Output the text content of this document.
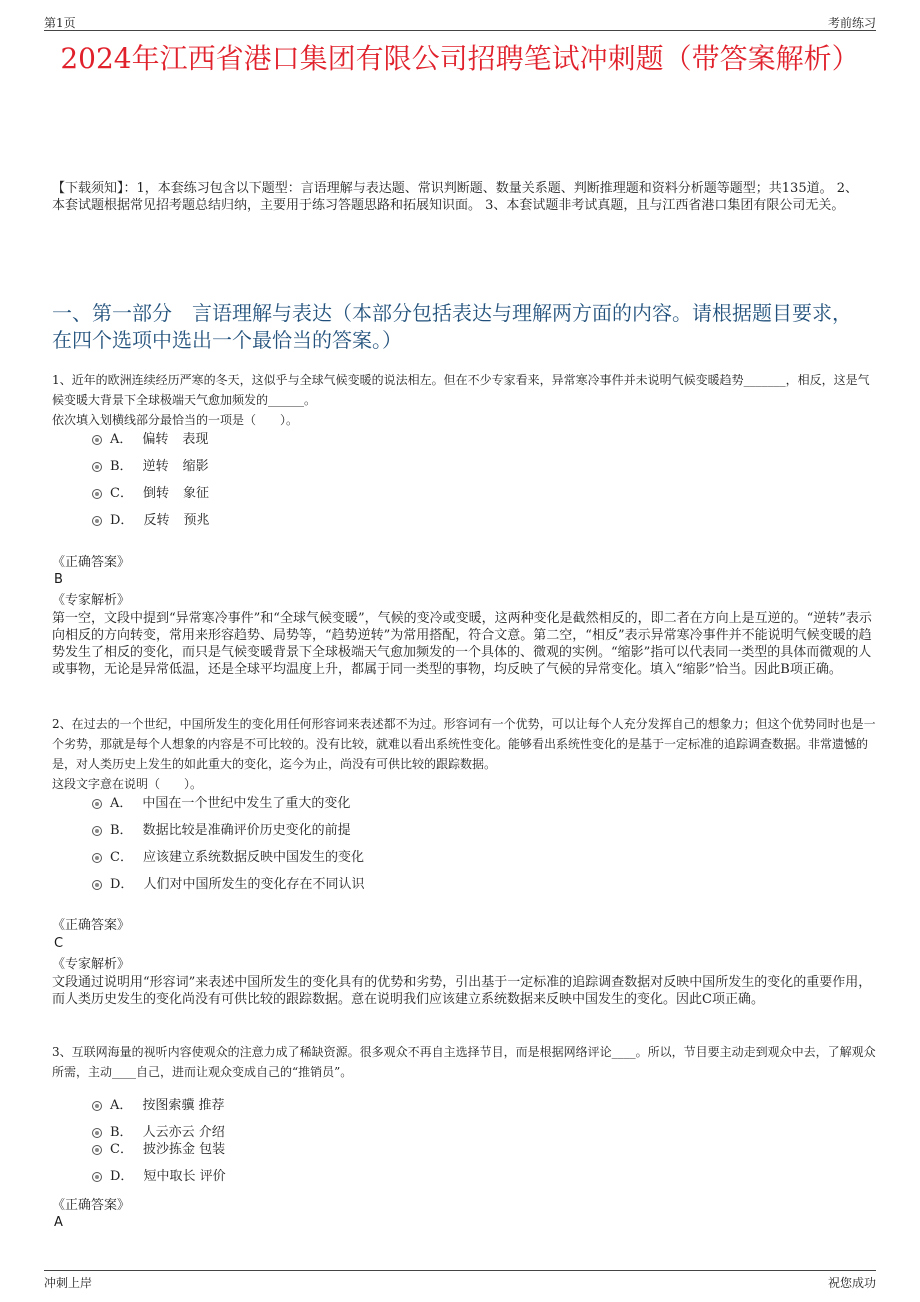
第1页	考前练习
2024年江西省港口集团有限公司招聘笔试冲刺题（带答案解析）
【下载须知】：1，本套练习包含以下题型：言语理解与表达题、常识判断题、数量关系题、判断推理题和资料分析题等题型；共135道。 2、本套试题根据常见招考题总结归纳，主要用于练习答题思路和拓展知识面。 3、本套试题非考试真题，且与江西省港口集团有限公司无关。
一、第一部分　言语理解与表达（本部分包括表达与理解两方面的内容。请根据题目要求，在四个选项中选出一个最恰当的答案。）

1、近年的欧洲连续经历严寒的冬天，这似乎与全球气候变暖的说法相左。但在不少专家看来，异常寒冷事件并未说明气候变暖趋势_______，相反，这是气候变暖大背景下全球极端天气愈加频发的______。

依次填入划横线部分最恰当的一项是（　　）。

A． 偏转 表现
B． 逆转 缩影
C． 倒转 象征
D． 反转 预兆
《正确答案》
B
《专家解析》
第一空，文段中提到“异常寒冷事件”和“全球气候变暖”，气候的变冷或变暖，这两种变化是截然相反的，即二者在方向上是互逆的。“逆转”表示向相反的方向转变，常用来形容趋势、局势等，“趋势逆转”为常用搭配，符合文意。第二空，“相反”表示异常寒冷事件并不能说明气候变暖的趋势发生了相反的变化，而只是气候变暖背景下全球极端天气愈加频发的一个具体的、微观的实例。“缩影”指可以代表同一类型的具体而微观的人或事物，无论是异常低温，还是全球平均温度上升，都属于同一类型的事物，均反映了气候的异常变化。填入“缩影”恰当。因此B项正确。

2、在过去的一个世纪，中国所发生的变化用任何形容词来表述都不为过。形容词有一个优势，可以让每个人充分发挥自己的想象力；但这个优势同时也是一个劣势，那就是每个人想象的内容是不可比较的。没有比较，就难以看出系统性变化。能够看出系统性变化的是基于一定标准的追踪调查数据。非常遗憾的是，对人类历史上发生的如此重大的变化，迄今为止，尚没有可供比较的跟踪数据。

这段文字意在说明（　　）。

A． 中国在一个世纪中发生了重大的变化
B． 数据比较是准确评价历史变化的前提
C． 应该建立系统数据反映中国发生的变化
D． 人们对中国所发生的变化存在不同认识
《正确答案》
C
《专家解析》
文段通过说明用“形容词”来表述中国所发生的变化具有的优势和劣势，引出基于一定标准的追踪调查数据对反映中国所发生的变化的重要作用，而人类历史发生的变化尚没有可供比较的跟踪数据。意在说明我们应该建立系统数据来反映中国发生的变化。因此C项正确。

3、互联网海量的视听内容使观众的注意力成了稀缺资源。很多观众不再自主选择节目，而是根据网络评论____。所以，节目要主动走到观众中去，了解观众所需，主动____自己，进而让观众变成自己的“推销员”。

A． 按图索骥 推荐
B． 人云亦云 介绍
C． 披沙拣金 包装
D． 短中取长 评价
《正确答案》
A
冲刺上岸	祝您成功
